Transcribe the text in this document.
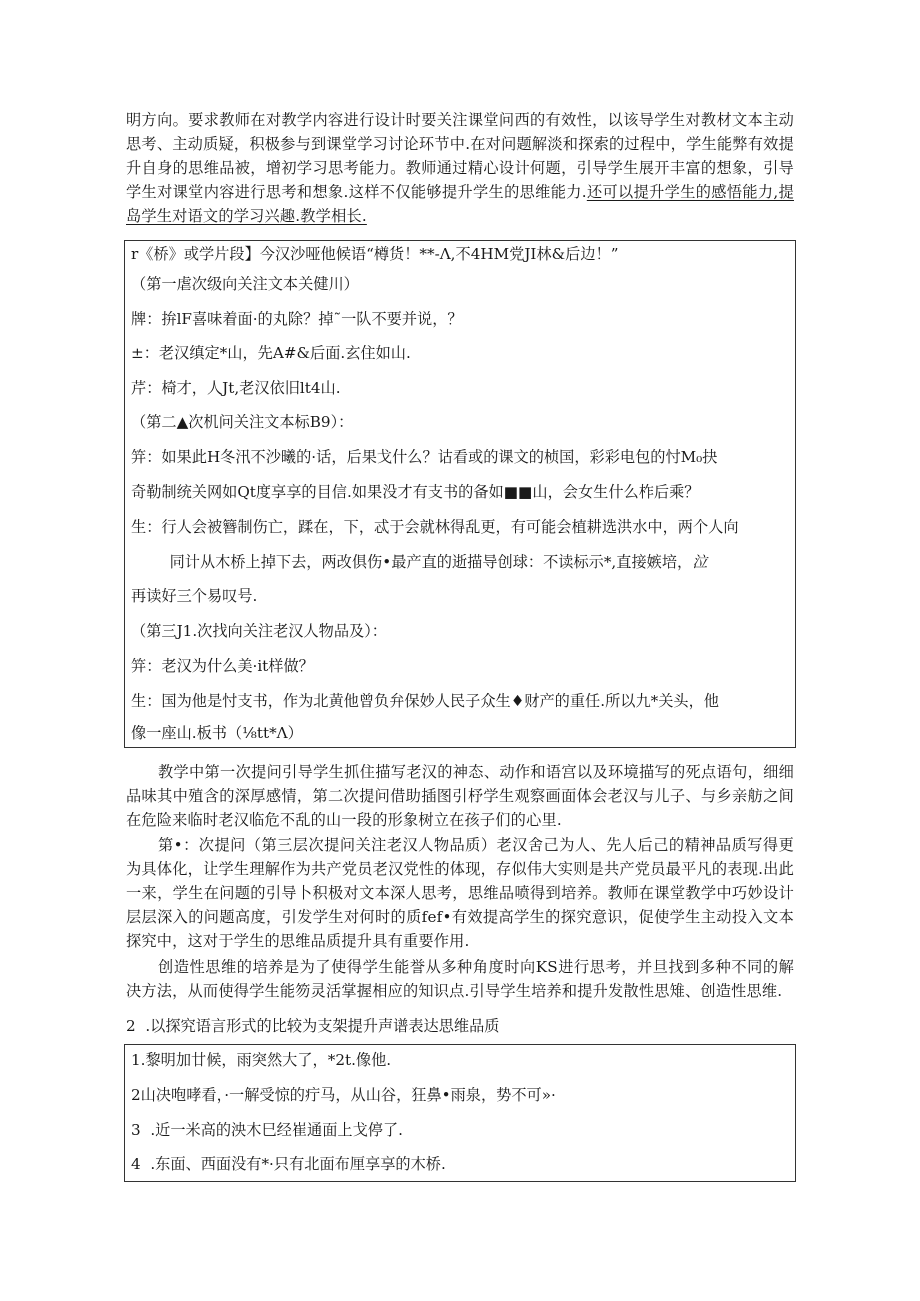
明方向。要求教师在对教学内容进行设计时要关注课堂问西的有效性，以该导学生对教材文本主动思考、主动质疑，积极参与到课堂学习讨论环节中.在对问题解淡和探索的过程中，学生能弊有效提升自身的思维品被，增初学习思考能力。教师通过精心设计何题，引导学生展开丰富的想象，引导学生对课堂内容进行思考和想象.这样不仅能够提升学生的思维能力.还可以提升学生的感悟能力,提岛学生对语文的学习兴趣.教学相长.

r《桥》或学片段】今汉沙哑他候语“樽货！**-Λ,不4HM党JI林&后边！”
（第一虐次级向关注文本关健川）
牌：拚lF喜味着面·的丸除？掉˜一队不要并说，？
±：老汉缜定*山，先A#&后面.玄住如山.
芹：椅才，人Jt,老汉依旧lt4山.
（第二▲次机问关注文本标B9）：
笄：如果此H冬汛不沙曦的·话，后果戈什么？诂看或的课文的桢国，彩彩电包的忖M₀抉
奇勒制统关网如Qt度享享的目信.如果没才有支书的备如■■山，会女生什么柞后乘？
生：行人会被簪制伤亡，蹂在，下，忒于会就林得乱更，有可能会植耕选洪水中，两个人向
同计从木桥上掉下去，两改俱伤•最产直的逝描导创球：不读标示*,直接嫉培，泣
再读好三个易叹号.
（第三J1.次找向关注老汉人物品及）：
笄：老汉为什么美·it样做？
生：国为他是忖支书，作为北黄他曾负弁保妙人民子众生♦财产的重任.所以九*关头，他
像一座山.板书（⅛tt*Λ）

教学中第一次提问引导学生抓住描写老汉的神态、动作和语宫以及环境描写的死点语句，细细品味其中殖含的深厚感情，第二次提问借助插图引杼学生观察画面体会老汉与儿子、与乡亲舫之间在危险来临时老汉临危不乱的山一段的形象树立在孩子们的心里.

第•：次提问（第三层次提问关注老汉人物品质）老汉舍己为人、先人后己的精神品质写得更为具体化，让学生理解作为共产党员老汉党性的体现，存似伟大实则是共产党员最平凡的表现.出此一来，学生在问题的引导卜积极对文本深人思考，思维品喷得到培养。教师在课堂教学中巧妙设计层层深入的问题高度，引发学生对何时的质fef•有效提高学生的探究意识，促使学生主动投入文本探究中，这对于学生的思维品质提升具有重要作用.

创造性思维的培养是为了使得学生能誉从多种角度时向KS进行思考，并旦找到多种不同的解决方法，从而使得学生能笏灵活掌握相应的知识点.引导学生培养和提升发散性思雉、创造性思维.

2  .以探究语言形式的比较为支架提升声谱表达思维品质
1.黎明加廿候，雨突然大了，*2t.像他.
2山决咆哮看，·一解受惊的疔马，从山谷，狂鼻•雨泉，势不可»·
3  .近一米高的泱木巳经崔通面上戈停了.
4  .东面、西面没有*·只有北面布厘享享的木桥.
